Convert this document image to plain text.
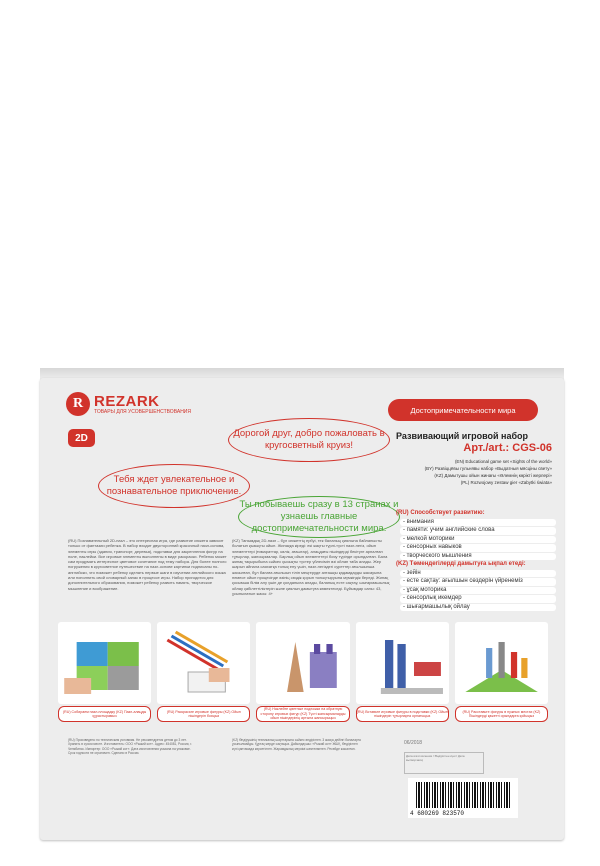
R REZARK
ТОВАРЫ ДЛЯ УСОВЕРШЕНСТВОВАНИЯ
2D	Дорогой друг, добро пожаловать в кругосветный круиз!
Тебя ждет увлекательное и познавательное приключение.
Ты побываешь сразу в 13 странах и узнаешь главные достопримечательности мира.
Достопримечательности мира
Развивающий игровой набор
Арт./art.: CGS-06
(EN) Educational game set «Sights of the world»
(BY) Развіццёвы гульнявы набор «Выдатныя мясціны свету»
(KZ) Дамытушы ойын жинағы «Әлемнің көрікті жерлері»
(PL) Rozwojowy zestaw gier «Zabytki świata»
(RU) Способствует развитию:
- внимания
- памяти: учим английские слова
- мелкой моторики
- сенсорных навыков
- творческого мышления
(KZ) Төмендегілерді дамытуға ықпал етеді:
- зейін
- есте сақтау: ағылшын сөздерін үйренеміз
- ұсақ моторика
- сенсорлық икемдер
- шығармашылық ойлау
(RU) Познавательный 2D-пазл – это интересная игра, где развитие сюжета зависит только от фантазии ребенка. В набор входит двусторонний красочный пазл-основа, элементы игры (здания, транспорт, деревья), подставки для закрепления фигур на поле, наклейки. Все игровые элементы выполнены в виде раскраски. Ребенок может сам придумать интересное цветовое сочетание под тему набора. Для более полного погружения в кругосветное путешествие на пазл-основе картинки подписаны по-английски, что поможет ребенку сделать первые шаги в изучении английского языка или пополнить свой словарный запас в процессе игры. Набор пригодится для дополнительного образования, поможет ребенку развить память, творческое мышление и воображение.
(KZ) Танымдық 2D-пазл – бұл сюжеттің ербуі, тек баланың қиялына байланысты болатын қызықты ойын. Жинаққа кіреді: екі жақты түрлі-түсті пазл-негіз, ойын элементтері (ғимараттар, көлік, ағаштар), алаңдағы пішіндерді бекітуге арналған тұғырлар, жапсырмалар. Барлық ойын элементтері бояу түрінде орындалған. Бала жинақ тақырыбына сәйкес қызықты түстер үйлесімін өзі ойлап таба алады. Жер шарын айнала саяхатқа толық ену үшін, пазл-негіздегі суреттер ағылшынша жазылған, бұл балаға ағылшын тілін меңгеруде алғашқы қадамдарды жасауына немесе ойын процесінде өзінің сөздік қорын толықтыруына мүмкіндік береді. Жинақ қосымша білім алу үшін де қолданыла алады, баланың есте сақтау, шығармашылық ойлау қабілеттіліктерін және қиялын дамытуға көмектеседі. Бұйымдар саны: 43, ұсынылатын жасы: 4+
(RU) Собираем пазл-площадку (KZ) Пазл-алаңды құрастырамыз
(RU) Раскрасьте игровые фигуры (KZ) Ойын пішіндерін бояңыз
(RU) Наклейте цветные подложки на обратную сторону игровых фигур (KZ) Түсті жапсырмаларды ойын пішіндерінің артына жапсырыңыз
(RU) Вставьте игровые фигуры в подставки (KZ) Ойын пішіндерін тұғырларға орнатыңыз
(RU) Расставьте фигуры в нужных местах (KZ) Пішіндерді қажетті орындарға қойыңыз
(RU) Произведено по техническим условиям. Не рекомендуется детям до 3 лет. Хранить в сухом месте. Изготовитель: ООО «Рыжий кот». Адрес: 454081, Россия, г. Челябинск. Импортер: ООО «Рыжий кот». Дата изготовления указана на упаковке. Срок годности не ограничен. Сделано в России.
(KZ) Өндірушінің техникалық шарттарына сәйкес өндірілген. 3 жасқа дейінгі балаларға ұсынылмайды. Құрғақ жерде сақтаңыз. Дайындаушы: «Рыжий кот» ЖШҚ. Өндірілген күні қаптамада көрсетілген. Жарамдылық мерзімі шектелмеген. Ресейде жасалған.
06/2018
Дата изготовления / Өндірілген күні / Дата вытворчасці
4 680269 823570
